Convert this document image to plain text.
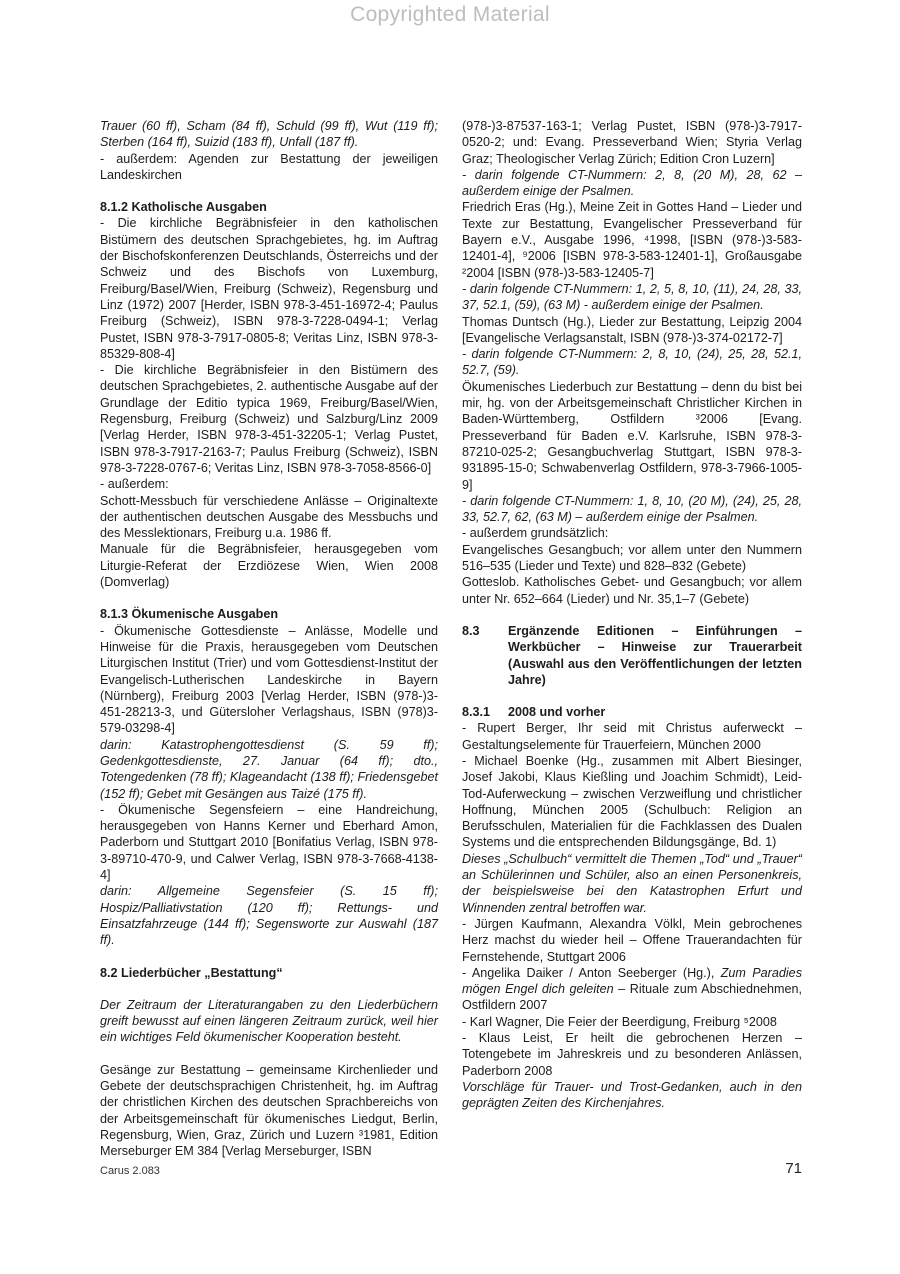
Copyrighted Material

Trauer (60 ff), Scham (84 ff), Schuld (99 ff), Wut (119 ff); Sterben (164 ff), Suizid (183 ff), Unfall (187 ff).

- außerdem: Agenden zur Bestattung der jeweiligen Landeskirchen

8.1.2 Katholische Ausgaben

- Die kirchliche Begräbnisfeier in den katholischen Bistümern des deutschen Sprachgebietes, hg. im Auftrag der Bischofskonferenzen Deutschlands, Österreichs und der Schweiz und des Bischofs von Luxemburg, Freiburg/Basel/Wien, Freiburg (Schweiz), Regensburg und Linz (1972) 2007 [Herder, ISBN 978-3-451-16972-4; Paulus Freiburg (Schweiz), ISBN 978-3-7228-0494-1; Verlag Pustet, ISBN 978-3-7917-0805-8; Veritas Linz, ISBN 978-3-85329-808-4]

- Die kirchliche Begräbnisfeier in den Bistümern des deutschen Sprachgebietes, 2. authentische Ausgabe auf der Grundlage der Editio typica 1969, Freiburg/Basel/Wien, Regensburg, Freiburg (Schweiz) und Salzburg/Linz 2009 [Verlag Herder, ISBN 978-3-451-32205-1; Verlag Pustet, ISBN 978-3-7917-2163-7; Paulus Freiburg (Schweiz), ISBN 978-3-7228-0767-6; Veritas Linz, ISBN 978-3-7058-8566-0]

- außerdem:

Schott-Messbuch für verschiedene Anlässe – Originaltexte der authentischen deutschen Ausgabe des Messbuchs und des Messlektionars, Freiburg u.a. 1986 ff.

Manuale für die Begräbnisfeier, herausgegeben vom Liturgie-Referat der Erzdiözese Wien, Wien 2008 (Domverlag)

8.1.3 Ökumenische Ausgaben

- Ökumenische Gottesdienste – Anlässe, Modelle und Hinweise für die Praxis, herausgegeben vom Deutschen Liturgischen Institut (Trier) und vom Gottesdienst-Institut der Evangelisch-Lutherischen Landeskirche in Bayern (Nürnberg), Freiburg 2003 [Verlag Herder, ISBN (978-)3-451-28213-3, und Gütersloher Verlagshaus, ISBN (978)3-579-03298-4]

darin: Katastrophengottesdienst (S. 59 ff); Gedenkgottesdienste, 27. Januar (64 ff); dto., Totengedenken (78 ff); Klageandacht (138 ff); Friedensgebet (152 ff); Gebet mit Gesängen aus Taizé (175 ff).

- Ökumenische Segensfeiern – eine Handreichung, herausgegeben von Hanns Kerner und Eberhard Amon, Paderborn und Stuttgart 2010 [Bonifatius Verlag, ISBN 978-3-89710-470-9, und Calwer Verlag, ISBN 978-3-7668-4138-4]

darin: Allgemeine Segensfeier (S. 15 ff); Hospiz/Palliativstation (120 ff); Rettungs- und Einsatzfahrzeuge (144 ff); Segensworte zur Auswahl (187 ff).

8.2 Liederbücher „Bestattung“

Der Zeitraum der Literaturangaben zu den Liederbüchern greift bewusst auf einen längeren Zeitraum zurück, weil hier ein wichtiges Feld ökumenischer Kooperation besteht.

Gesänge zur Bestattung – gemeinsame Kirchenlieder und Gebete der deutschsprachigen Christenheit, hg. im Auftrag der christlichen Kirchen des deutschen Sprachbereichs von der Arbeitsgemeinschaft für ökumenisches Liedgut, Berlin, Regensburg, Wien, Graz, Zürich und Luzern ³1981, Edition Merseburger EM 384 [Verlag Merseburger, ISBN

(978-)3-87537-163-1; Verlag Pustet, ISBN (978-)3-7917-0520-2; und: Evang. Presseverband Wien; Styria Verlag Graz; Theologischer Verlag Zürich; Edition Cron Luzern]

- darin folgende CT-Nummern: 2, 8, (20 M), 28, 62 – außerdem einige der Psalmen.

Friedrich Eras (Hg.), Meine Zeit in Gottes Hand – Lieder und Texte zur Bestattung, Evangelischer Presseverband für Bayern e.V., Ausgabe 1996, ⁴1998, [ISBN (978-)3-583-12401-4], ⁹2006 [ISBN 978-3-583-12401-1], Großausgabe ²2004 [ISBN (978-)3-583-12405-7]

- darin folgende CT-Nummern: 1, 2, 5, 8, 10, (11), 24, 28, 33, 37, 52.1, (59), (63 M) - außerdem einige der Psalmen.

Thomas Duntsch (Hg.), Lieder zur Bestattung, Leipzig 2004 [Evangelische Verlagsanstalt, ISBN (978-)3-374-02172-7]

- darin folgende CT-Nummern: 2, 8, 10, (24), 25, 28, 52.1, 52.7, (59).

Ökumenisches Liederbuch zur Bestattung – denn du bist bei mir, hg. von der Arbeitsgemeinschaft Christlicher Kirchen in Baden-Württemberg, Ostfildern ³2006 [Evang. Presseverband für Baden e.V. Karlsruhe, ISBN 978-3-87210-025-2; Gesangbuchverlag Stuttgart, ISBN 978-3-931895-15-0; Schwabenverlag Ostfildern, 978-3-7966-1005-9]

- darin folgende CT-Nummern: 1, 8, 10, (20 M), (24), 25, 28, 33, 52.7, 62, (63 M) – außerdem einige der Psalmen.

- außerdem grundsätzlich:

Evangelisches Gesangbuch; vor allem unter den Nummern 516–535 (Lieder und Texte) und 828–832 (Gebete)

Gotteslob. Katholisches Gebet- und Gesangbuch; vor allem unter Nr. 652–664 (Lieder) und Nr. 35,1–7 (Gebete)

8.3	Ergänzende Editionen – Einführungen – Werkbücher – Hinweise zur Trauerarbeit (Auswahl aus den Veröffentlichungen der letzten Jahre)
8.3.1	2008 und vorher

- Rupert Berger, Ihr seid mit Christus auferweckt – Gestaltungselemente für Trauerfeiern, München 2000

- Michael Boenke (Hg., zusammen mit Albert Biesinger, Josef Jakobi, Klaus Kießling und Joachim Schmidt), Leid-Tod-Auferweckung – zwischen Verzweiflung und christlicher Hoffnung, München 2005 (Schulbuch: Religion an Berufsschulen, Materialien für die Fachklassen des Dualen Systems und die entsprechenden Bildungsgänge, Bd. 1)

Dieses „Schulbuch“ vermittelt die Themen „Tod“ und „Trauer“ an Schülerinnen und Schüler, also an einen Personenkreis, der beispielsweise bei den Katastrophen Erfurt und Winnenden zentral betroffen war.

- Jürgen Kaufmann, Alexandra Völkl, Mein gebrochenes Herz machst du wieder heil – Offene Trauerandachten für Fernstehende, Stuttgart 2006

- Angelika Daiker / Anton Seeberger (Hg.), Zum Paradies mögen Engel dich geleiten – Rituale zum Abschiednehmen, Ostfildern 2007

- Karl Wagner, Die Feier der Beerdigung, Freiburg ⁵2008

- Klaus Leist, Er heilt die gebrochenen Herzen – Totengebete im Jahreskreis und zu besonderen Anlässen, Paderborn 2008

Vorschläge für Trauer- und Trost-Gedanken, auch in den geprägten Zeiten des Kirchenjahres.

Carus 2.083	71
